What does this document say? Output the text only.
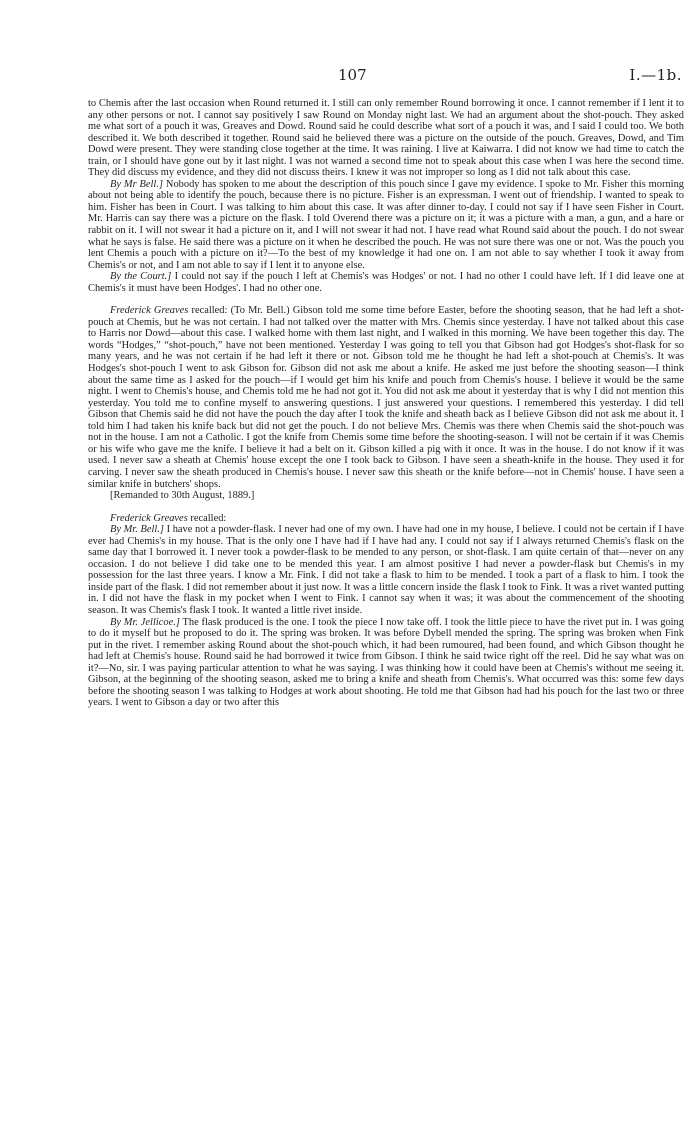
107	I.—1b.

to Chemis after the last occasion when Round returned it. I still can only remember Round borrowing it once. I cannot remember if I lent it to any other persons or not. I cannot say positively I saw Round on Monday night last. We had an argument about the shot-pouch. They asked me what sort of a pouch it was, Greaves and Dowd. Round said he could describe what sort of a pouch it was, and I said I could too. We both described it. We both described it together. Round said he believed there was a picture on the outside of the pouch. Greaves, Dowd, and Tim Dowd were present. They were standing close together at the time. It was raining. I live at Kaiwarra. I did not know we had time to catch the train, or I should have gone out by it last night. I was not warned a second time not to speak about this case when I was here the second time. They did discuss my evidence, and they did not discuss theirs. I knew it was not improper so long as I did not talk about this case.

By Mr Bell.] Nobody has spoken to me about the description of this pouch since I gave my evidence. I spoke to Mr. Fisher this morning about not being able to identify the pouch, because there is no picture. Fisher is an expressman. I went out of friendship. I wanted to speak to him. Fisher has been in Court. I was talking to him about this case. It was after dinner to-day. I could not say if I have seen Fisher in Court. Mr. Harris can say there was a picture on the flask. I told Overend there was a picture on it; it was a picture with a man, a gun, and a hare or rabbit on it. I will not swear it had a picture on it, and I will not swear it had not. I have read what Round said about the pouch. I do not swear what he says is false. He said there was a picture on it when he described the pouch. He was not sure there was one or not. Was the pouch you lent Chemis a pouch with a picture on it?—To the best of my knowledge it had one on. I am not able to say whether I took it away from Chemis's or not, and I am not able to say if I lent it to anyone else.

By the Court.] I could not say if the pouch I left at Chemis's was Hodges' or not. I had no other I could have left. If I did leave one at Chemis's it must have been Hodges'. I had no other one.

Frederick Greaves recalled: (To Mr. Bell.) Gibson told me some time before Easter, before the shooting season, that he had left a shot-pouch at Chemis, but he was not certain. I had not talked over the matter with Mrs. Chemis since yesterday. I have not talked about this case to Harris nor Dowd—about this case. I walked home with them last night, and I walked in this morning. We have been together this day. The words “Hodges,” “shot-pouch,” have not been mentioned. Yesterday I was going to tell you that Gibson had got Hodges's shot-flask for so many years, and he was not certain if he had left it there or not. Gibson told me he thought he had left a shot-pouch at Chemis's. It was Hodges's shot-pouch I went to ask Gibson for. Gibson did not ask me about a knife. He asked me just before the shooting season—I think about the same time as I asked for the pouch—if I would get him his knife and pouch from Chemis's house. I believe it would be the same night. I went to Chemis's house, and Chemis told me he had not got it. You did not ask me about it yesterday that is why I did not mention this yesterday. You told me to confine myself to answering questions. I just answered your questions. I remembered this yesterday. I did tell Gibson that Chemis said he did not have the pouch the day after I took the knife and sheath back as I believe Gibson did not ask me about it. I told him I had taken his knife back but did not get the pouch. I do not believe Mrs. Chemis was there when Chemis said the shot-pouch was not in the house. I am not a Catholic. I got the knife from Chemis some time before the shooting-season. I will not be certain if it was Chemis or his wife who gave me the knife. I believe it had a belt on it. Gibson killed a pig with it once. It was in the house. I do not know if it was used. I never saw a sheath at Chemis' house except the one I took back to Gibson. I have seen a sheath-knife in the house. They used it for carving. I never saw the sheath produced in Chemis's house. I never saw this sheath or the knife before—not in Chemis' house. I have seen a similar knife in butchers' shops.

[Remanded to 30th August, 1889.]

Frederick Greaves recalled:

By Mr. Bell.] I have not a powder-flask. I never had one of my own. I have had one in my house, I believe. I could not be certain if I have ever had Chemis's in my house. That is the only one I have had if I have had any. I could not say if I always returned Chemis's flask on the same day that I borrowed it. I never took a powder-flask to be mended to any person, or shot-flask. I am quite certain of that—never on any occasion. I do not believe I did take one to be mended this year. I am almost positive I had never a powder-flask but Chemis's in my possession for the last three years. I know a Mr. Fink. I did not take a flask to him to be mended. I took a part of a flask to him. I took the inside part of the flask. I did not remember about it just now. It was a little concern inside the flask I took to Fink. It was a rivet wanted putting in. I did not have the flask in my pocket when I went to Fink. I cannot say when it was; it was about the commencement of the shooting season. It was Chemis's flask I took. It wanted a little rivet inside.

By Mr. Jellicoe.] The flask produced is the one. I took the piece I now take off. I took the little piece to have the rivet put in. I was going to do it myself but he proposed to do it. The spring was broken. It was before Dybell mended the spring. The spring was broken when Fink put in the rivet. I remember asking Round about the shot-pouch which, it had been rumoured, had been found, and which Gibson thought he had left at Chemis's house. Round said he had borrowed it twice from Gibson. I think he said twice right off the reel. Did he say what was on it?—No, sir. I was paying particular attention to what he was saying. I was thinking how it could have been at Chemis's without me seeing it. Gibson, at the beginning of the shooting season, asked me to bring a knife and sheath from Chemis's. What occurred was this: some few days before the shooting season I was talking to Hodges at work about shooting. He told me that Gibson had had his pouch for the last two or three years. I went to Gibson a day or two after this
